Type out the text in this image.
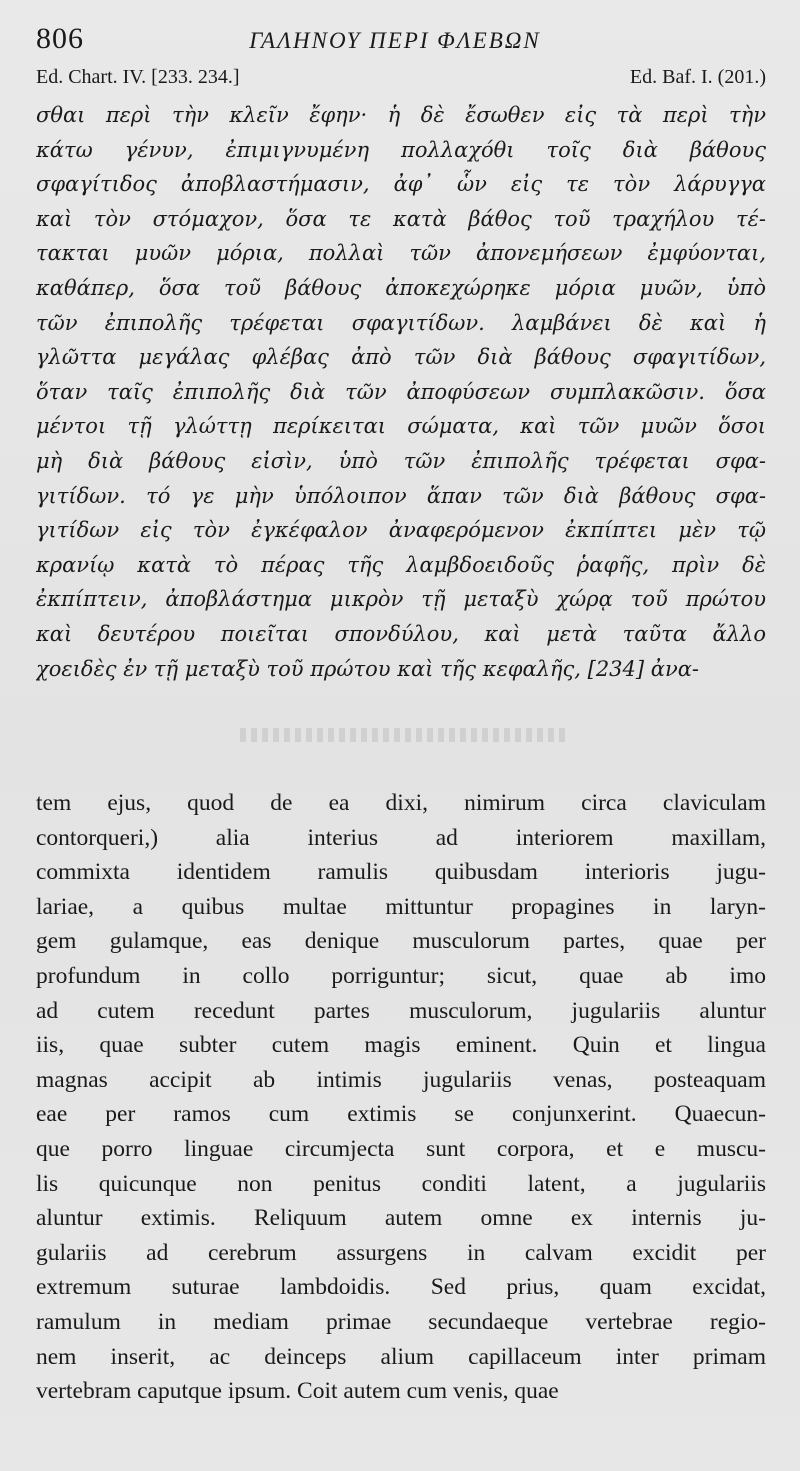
806	ΓΑΛΗΝΟΥ ΠΕΡΙ ΦΛΕΒΩΝ
Ed. Chart. IV. [233. 234.]	Ed. Baf. I. (201.)
σθαι περὶ τὴν κλεῖν ἔφην· ἡ δὲ ἔσωθεν εἰς τὰ περὶ τὴν
κάτω γένυν, ἐπιμιγνυμένη πολλαχόθι τοῖς διὰ βάθους
σφαγίτιδος ἀποβλαστήμασιν, ἀφ᾽ ὧν εἰς τε τὸν λάρυγγα
καὶ τὸν στόμαχον, ὅσα τε κατὰ βάθος τοῦ τραχήλου τέ-
τακται μυῶν μόρια, πολλαὶ τῶν ἀπονεμήσεων ἐμφύονται,
καθάπερ, ὅσα τοῦ βάθους ἀποκεχώρηκε μόρια μυῶν, ὑπὸ
τῶν ἐπιπολῆς τρέφεται σφαγιτίδων. λαμβάνει δὲ καὶ ἡ
γλῶττα μεγάλας φλέβας ἀπὸ τῶν διὰ βάθους σφαγιτίδων,
ὅταν ταῖς ἐπιπολῆς διὰ τῶν ἀποφύσεων συμπλακῶσιν. ὅσα
μέντοι τῇ γλώττῃ περίκειται σώματα, καὶ τῶν μυῶν ὅσοι
μὴ διὰ βάθους εἰσὶν, ὑπὸ τῶν ἐπιπολῆς τρέφεται σφα-
γιτίδων. τό γε μὴν ὑπόλοιπον ἅπαν τῶν διὰ βάθους σφα-
γιτίδων εἰς τὸν ἐγκέφαλον ἀναφερόμενον ἐκπίπτει μὲν τῷ
κρανίῳ κατὰ τὸ πέρας τῆς λαμβδοειδοῦς ῥαφῆς, πρὶν δὲ
ἐκπίπτειν, ἀποβλάστημα μικρὸν τῇ μεταξὺ χώρᾳ τοῦ πρώτου
καὶ δευτέρου ποιεῖται σπονδύλου, καὶ μετὰ ταῦτα ἄλλο
χοειδὲς ἐν τῇ μεταξὺ τοῦ πρώτου καὶ τῆς κεφαλῆς, [234] ἀνα-
tem ejus, quod de ea dixi, nimirum circa claviculam
contorqueri,) alia interius ad interiorem maxillam,
commixta identidem ramulis quibusdam interioris jugu-
lariae, a quibus multae mittuntur propagines in laryn-
gem gulamque, eas denique musculorum partes, quae per
profundum in collo porriguntur; sicut, quae ab imo
ad cutem recedunt partes musculorum, jugulariis aluntur
iis, quae subter cutem magis eminent. Quin et lingua
magnas accipit ab intimis jugulariis venas, posteaquam
eae per ramos cum extimis se conjunxerint. Quaecun-
que porro linguae circumjecta sunt corpora, et e muscu-
lis quicunque non penitus conditi latent, a jugulariis
aluntur extimis. Reliquum autem omne ex internis ju-
gulariis ad cerebrum assurgens in calvam excidit per
extremum suturae lambdoidis. Sed prius, quam excidat,
ramulum in mediam primae secundaeque vertebrae regio-
nem inserit, ac deinceps alium capillaceum inter primam
vertebram caputque ipsum. Coit autem cum venis, quae
